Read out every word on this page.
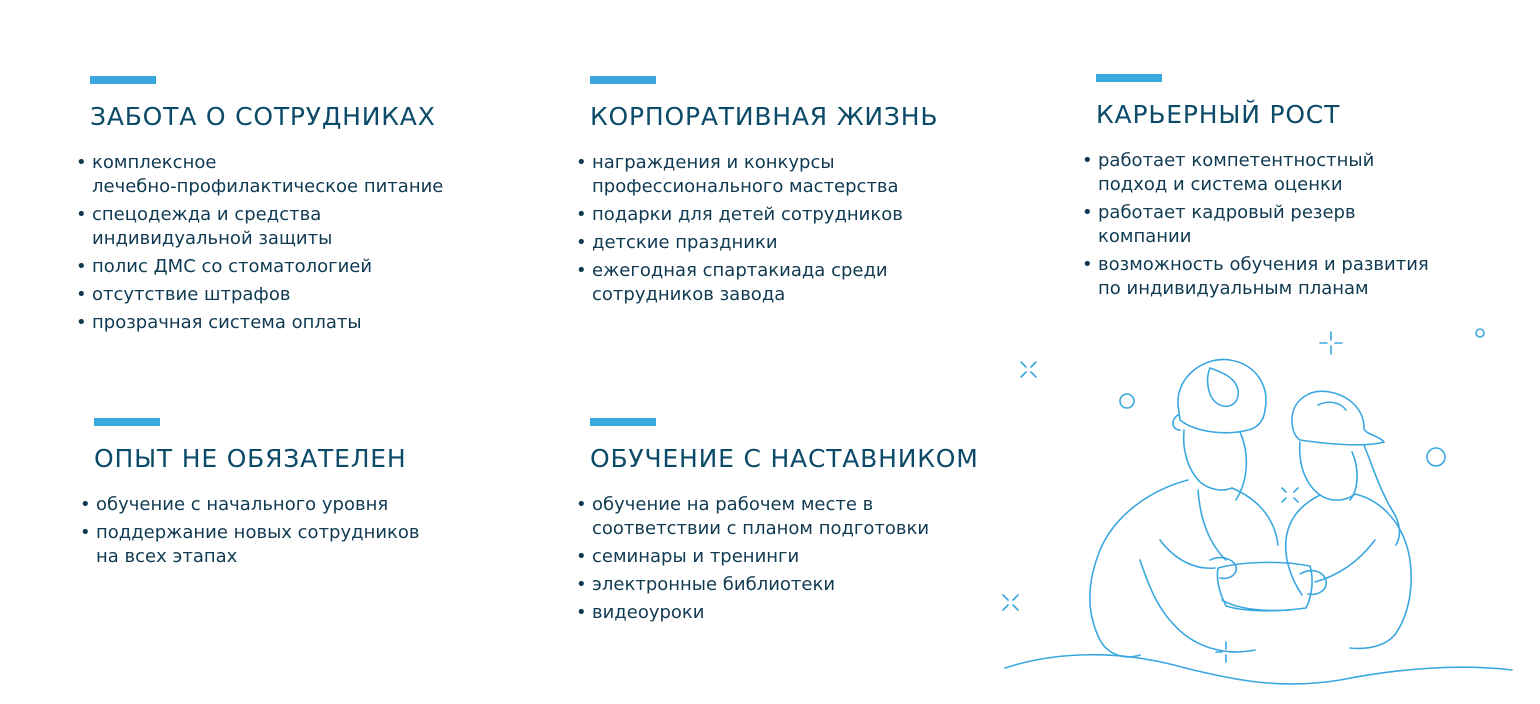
ЗАБОТА О СОТРУДНИКАХ
• комплексное
лечебно-профилактическое питание
• спецодежда и средства
индивидуальной защиты
• полис ДМС со стоматологией
• отсутствие штрафов
• прозрачная система оплаты
КОРПОРАТИВНАЯ ЖИЗНЬ
• награждения и конкурсы
профессионального мастерства
• подарки для детей сотрудников
• детские праздники
• ежегодная спартакиада среди
сотрудников завода
КАРЬЕРНЫЙ РОСТ
• работает компетентностный
подход и система оценки
• работает кадровый резерв
компании
• возможность обучения и развития
по индивидуальным планам
ОПЫТ НЕ ОБЯЗАТЕЛЕН
• обучение с начального уровня
• поддержание новых сотрудников
на всех этапах
ОБУЧЕНИЕ С НАСТАВНИКОМ
• обучение на рабочем месте в
соответствии с планом подготовки
• семинары и тренинги
• электронные библиотеки
• видеоуроки
